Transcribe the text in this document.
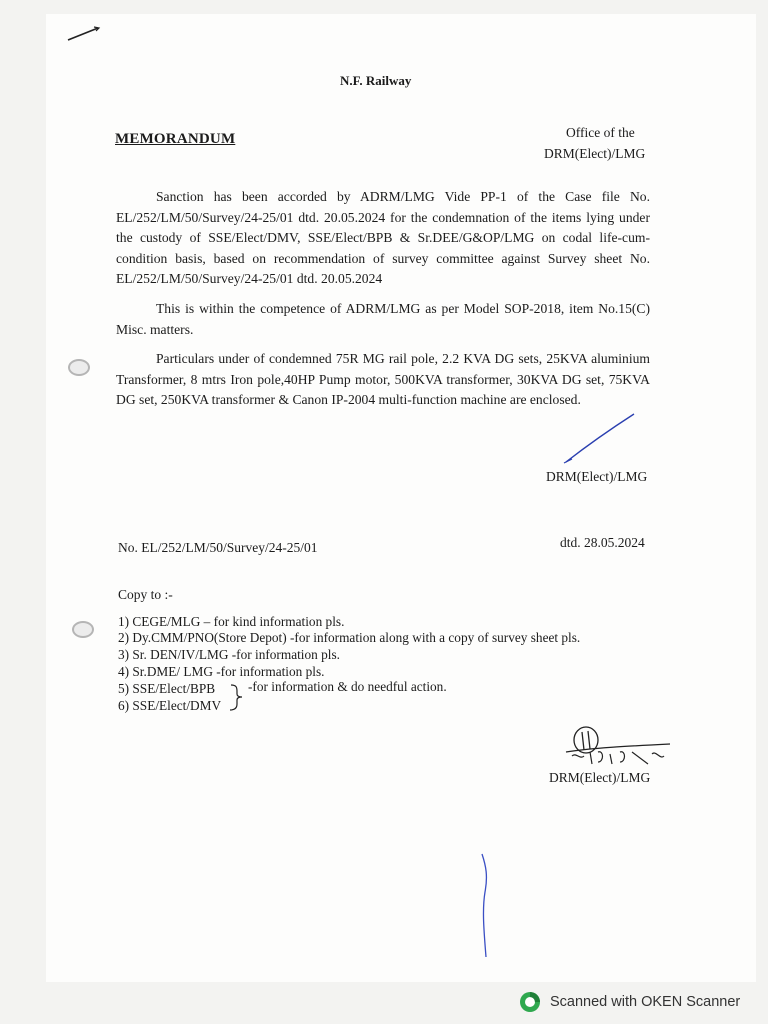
N.F. Railway
MEMORANDUM	Office of the
DRM(Elect)/LMG
Sanction has been accorded by ADRM/LMG Vide PP-1 of the Case file No. EL/252/LM/50/Survey/24-25/01 dtd. 20.05.2024 for the condemnation of the items lying under the custody of SSE/Elect/DMV, SSE/Elect/BPB & Sr.DEE/G&OP/LMG on codal life-cum-condition basis, based on recommendation of survey committee against Survey sheet No. EL/252/LM/50/Survey/24-25/01 dtd. 20.05.2024
This is within the competence of ADRM/LMG as per Model SOP-2018, item No.15(C) Misc. matters.
Particulars under of condemned 75R MG rail pole, 2.2 KVA DG sets, 25KVA aluminium Transformer, 8 mtrs Iron pole,40HP Pump motor, 500KVA transformer, 30KVA DG set, 75KVA DG set, 250KVA transformer & Canon IP-2004 multi-function machine are enclosed.
DRM(Elect)/LMG
No. EL/252/LM/50/Survey/24-25/01	dtd. 28.05.2024
Copy to :-
1) CEGE/MLG – for kind information pls.
2) Dy.CMM/PNO(Store Depot) -for information along with a copy of survey sheet pls.
3) Sr. DEN/IV/LMG -for information pls.
4) Sr.DME/ LMG -for information pls.
5) SSE/Elect/BPB
6) SSE/Elect/DMV
-for information & do needful action.
DRM(Elect)/LMG
Scanned with OKEN Scanner
